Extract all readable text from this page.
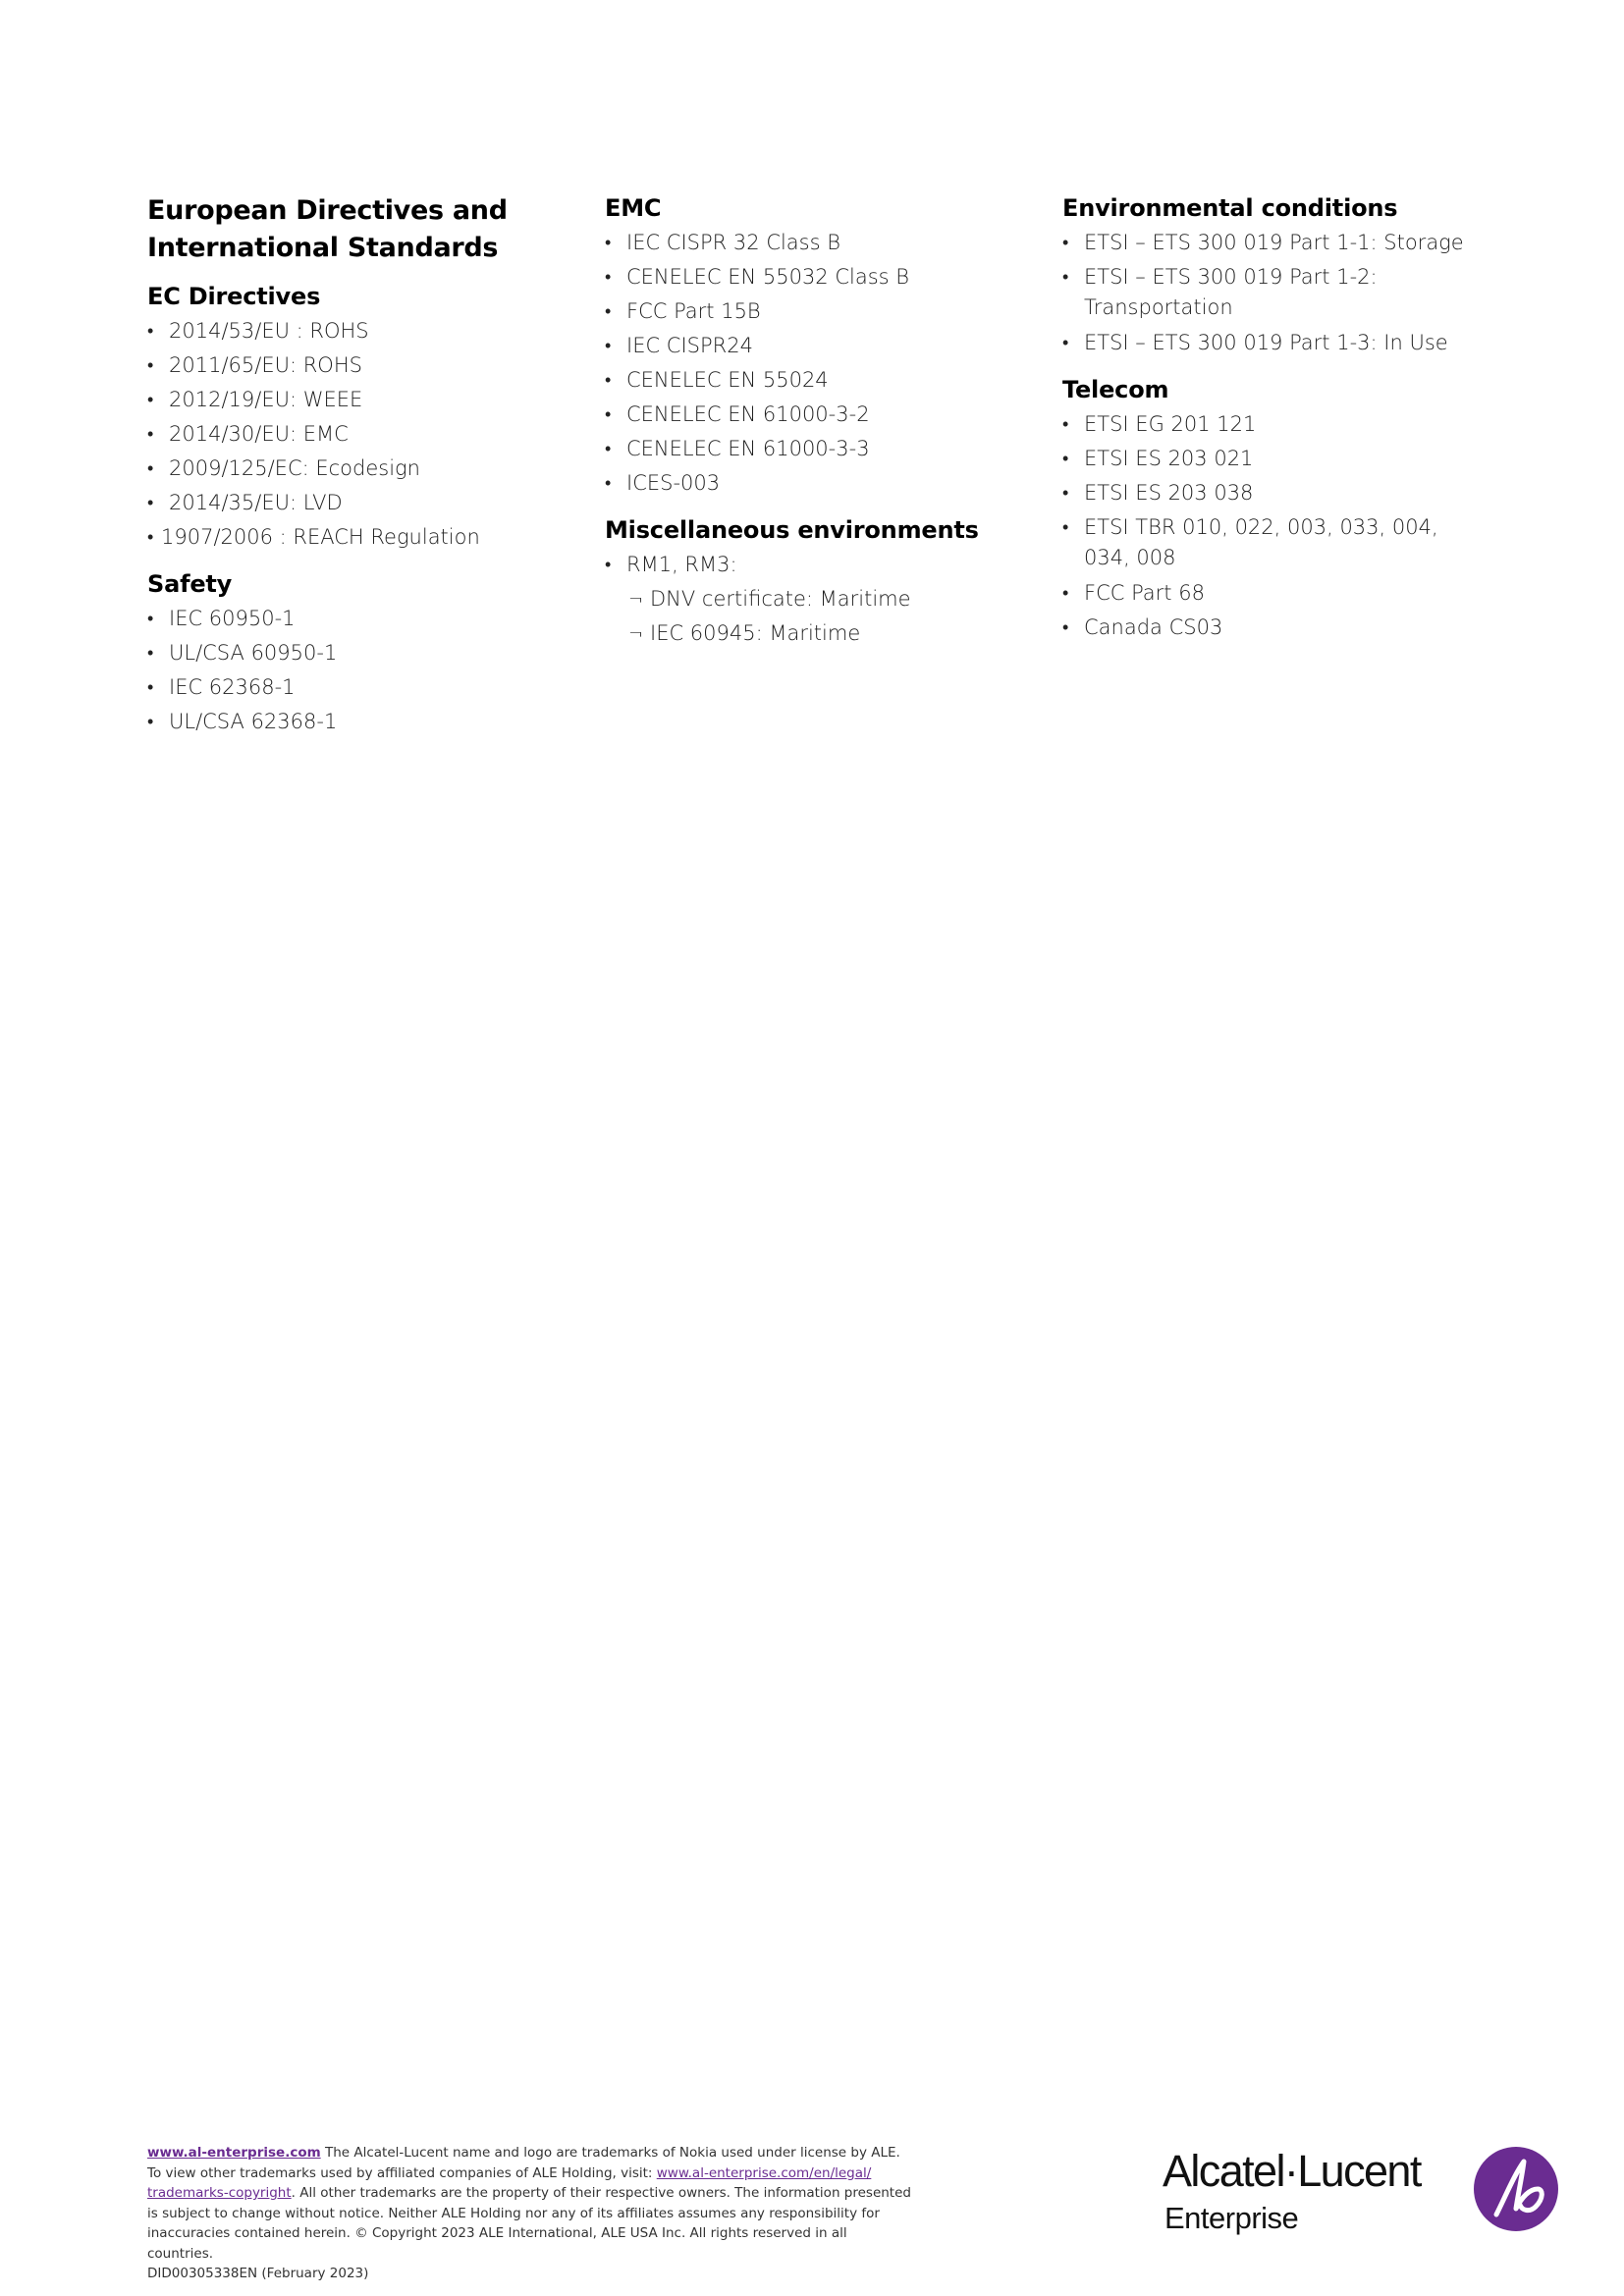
European Directives and
International Standards
EC Directives
• 2014/53/EU : ROHS
• 2011/65/EU: ROHS
• 2012/19/EU: WEEE
• 2014/30/EU: EMC
• 2009/125/EC: Ecodesign
• 2014/35/EU: LVD
• 1907/2006 : REACH Regulation
Safety
• IEC 60950-1
• UL/CSA 60950-1
• IEC 62368-1
• UL/CSA 62368-1
EMC
• IEC CISPR 32 Class B
• CENELEC EN 55032 Class B
• FCC Part 15B
• IEC CISPR24
• CENELEC EN 55024
• CENELEC EN 61000-3-2
• CENELEC EN 61000-3-3
• ICES-003
Miscellaneous environments
• RM1, RM3:
¬ DNV certificate: Maritime
¬ IEC 60945: Maritime
Environmental conditions
• ETSI – ETS 300 019 Part 1-1: Storage
• ETSI – ETS 300 019 Part 1-2:
Transportation
• ETSI – ETS 300 019 Part 1-3: In Use
Telecom
• ETSI EG 201 121
• ETSI ES 203 021
• ETSI ES 203 038
• ETSI TBR 010, 022, 003, 033, 004,
034, 008
• FCC Part 68
• Canada CS03
www.al-enterprise.com The Alcatel-Lucent name and logo are trademarks of Nokia used under license by ALE.
To view other trademarks used by affiliated companies of ALE Holding, visit: www.al-enterprise.com/en/legal/
trademarks-copyright. All other trademarks are the property of their respective owners. The information presented
is subject to change without notice. Neither ALE Holding nor any of its affiliates assumes any responsibility for
inaccuracies contained herein. © Copyright 2023 ALE International, ALE USA Inc. All rights reserved in all countries.
DID00305338EN (February 2023)
Alcatel·Lucent
Enterprise
